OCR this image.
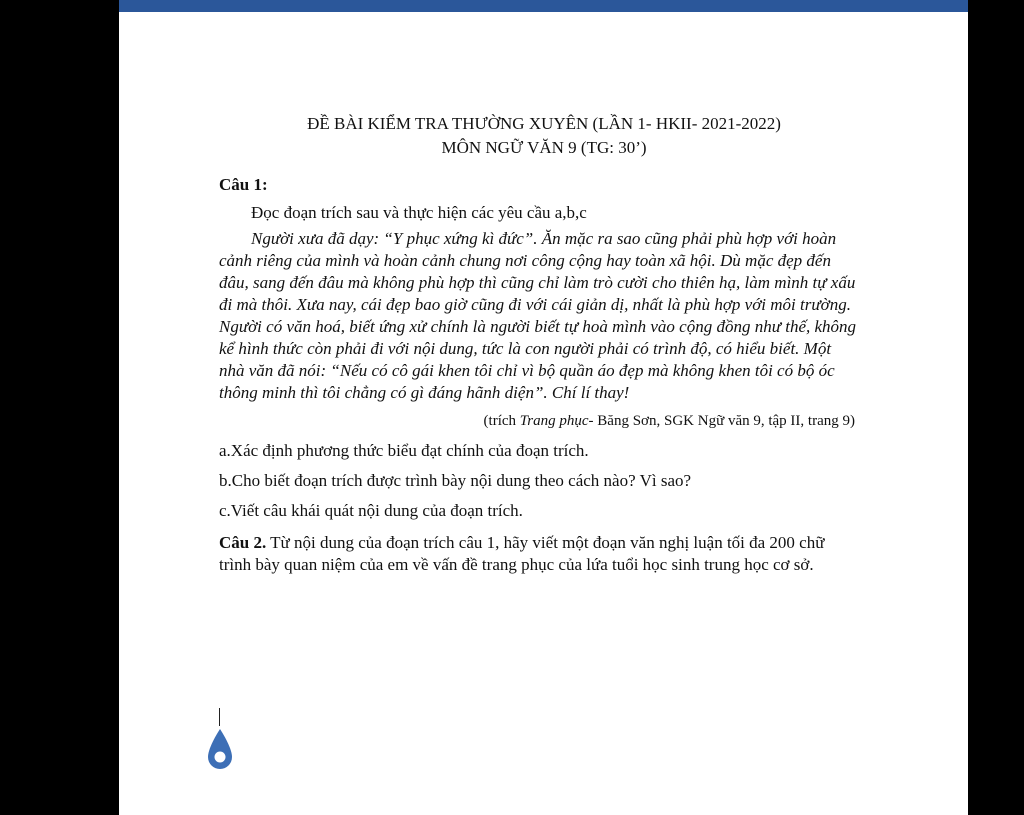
ĐỀ BÀI KIỂM TRA THƯỜNG XUYÊN (LẦN 1- HKII- 2021-2022)
MÔN NGỮ VĂN 9 (TG: 30’)
Câu 1:
Đọc đoạn trích sau và thực hiện các yêu cầu a,b,c
Người xưa đã dạy: “Y phục xứng kì đức”. Ăn mặc ra sao cũng phải phù hợp với hoàn cảnh riêng của mình và hoàn cảnh chung nơi công cộng hay toàn xã hội. Dù mặc đẹp đến đâu, sang đến đâu mà không phù hợp thì cũng chỉ làm trò cười cho thiên hạ, làm mình tự xấu đi mà thôi. Xưa nay, cái đẹp bao giờ cũng đi với cái giản dị, nhất là phù hợp với môi trường. Người có văn hoá, biết ứng xử chính là người biết tự hoà mình vào cộng đồng như thế, không kể hình thức còn phải đi với nội dung, tức là con người phải có trình độ, có hiểu biết. Một nhà văn đã nói: “Nếu có cô gái khen tôi chỉ vì bộ quần áo đẹp mà không khen tôi có bộ óc thông minh thì tôi chẳng có gì đáng hãnh diện”. Chí lí thay!
(trích Trang phục- Băng Sơn, SGK Ngữ văn 9, tập II, trang 9)
a.Xác định phương thức biểu đạt chính của đoạn trích.
b.Cho biết đoạn trích được trình bày nội dung theo cách nào? Vì sao?
c.Viết câu khái quát nội dung của đoạn trích.
Câu 2. Từ nội dung của đoạn trích câu 1, hãy viết một đoạn văn nghị luận tối đa 200 chữ trình bày quan niệm của em về vấn đề trang phục của lứa tuổi học sinh trung học cơ sở.
